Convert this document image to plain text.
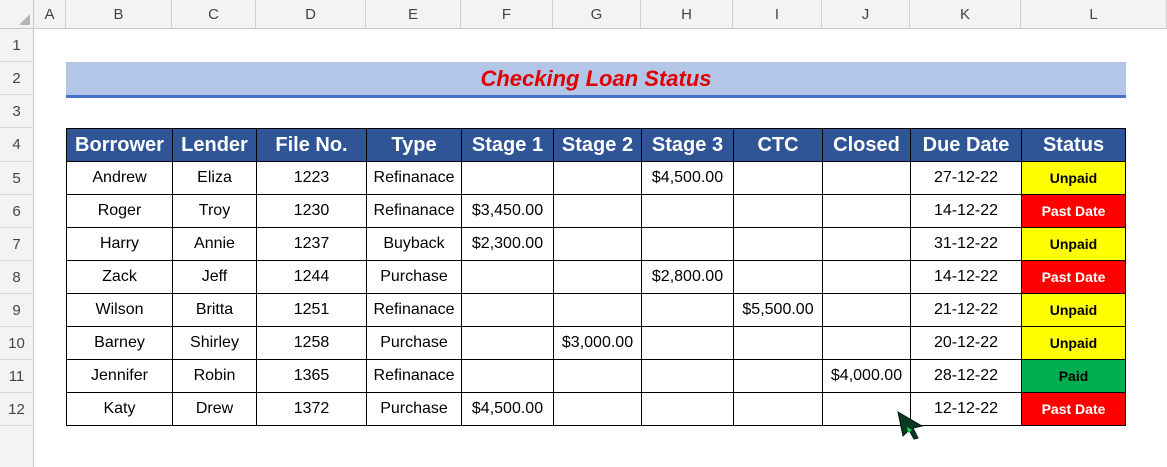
A	B	C	D	E	F	G	H	I	J	K	L
1
2
3
4
5
6
7
8
9
10
11
12
Checking Loan Status
Borrower	Lender	File No.	Type	Stage 1	Stage 2	Stage 3	CTC	Closed	Due Date	Status
Andrew	Eliza	1223	Refinanace			$4,500.00			27-12-22	Unpaid
Roger	Troy	1230	Refinanace	$3,450.00					14-12-22	Past Date
Harry	Annie	1237	Buyback	$2,300.00					31-12-22	Unpaid
Zack	Jeff	1244	Purchase			$2,800.00			14-12-22	Past Date
Wilson	Britta	1251	Refinanace				$5,500.00		21-12-22	Unpaid
Barney	Shirley	1258	Purchase		$3,000.00				20-12-22	Unpaid
Jennifer	Robin	1365	Refinanace					$4,000.00	28-12-22	Paid
Katy	Drew	1372	Purchase	$4,500.00					12-12-22	Past Date
